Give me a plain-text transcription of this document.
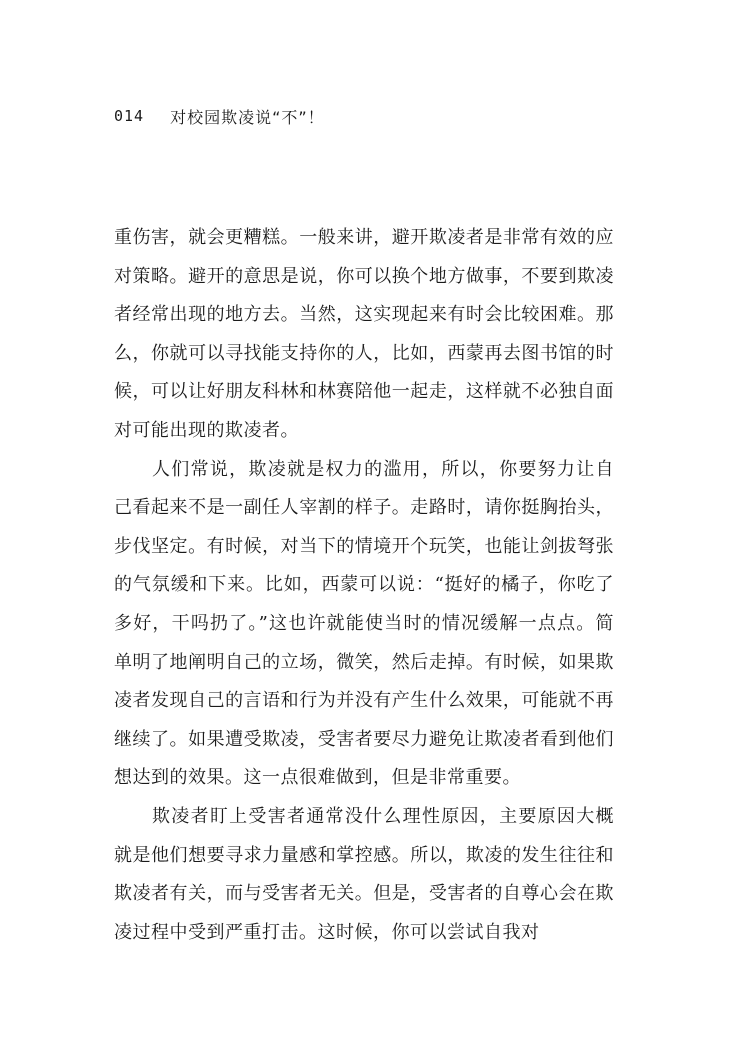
014 对校园欺凌说“不”！

重伤害，就会更糟糕。一般来讲，避开欺凌者是非常有效的应对策略。避开的意思是说，你可以换个地方做事，不要到欺凌者经常出现的地方去。当然，这实现起来有时会比较困难。那么，你就可以寻找能支持你的人，比如，西蒙再去图书馆的时候，可以让好朋友科林和林赛陪他一起走，这样就不必独自面对可能出现的欺凌者。

人们常说，欺凌就是权力的滥用，所以，你要努力让自己看起来不是一副任人宰割的样子。走路时，请你挺胸抬头，步伐坚定。有时候，对当下的情境开个玩笑，也能让剑拔弩张的气氛缓和下来。比如，西蒙可以说：“挺好的橘子，你吃了多好，干吗扔了。”这也许就能使当时的情况缓解一点点。简单明了地阐明自己的立场，微笑，然后走掉。有时候，如果欺凌者发现自己的言语和行为并没有产生什么效果，可能就不再继续了。如果遭受欺凌，受害者要尽力避免让欺凌者看到他们想达到的效果。这一点很难做到，但是非常重要。

欺凌者盯上受害者通常没什么理性原因，主要原因大概就是他们想要寻求力量感和掌控感。所以，欺凌的发生往往和欺凌者有关，而与受害者无关。但是，受害者的自尊心会在欺凌过程中受到严重打击。这时候，你可以尝试自我对
